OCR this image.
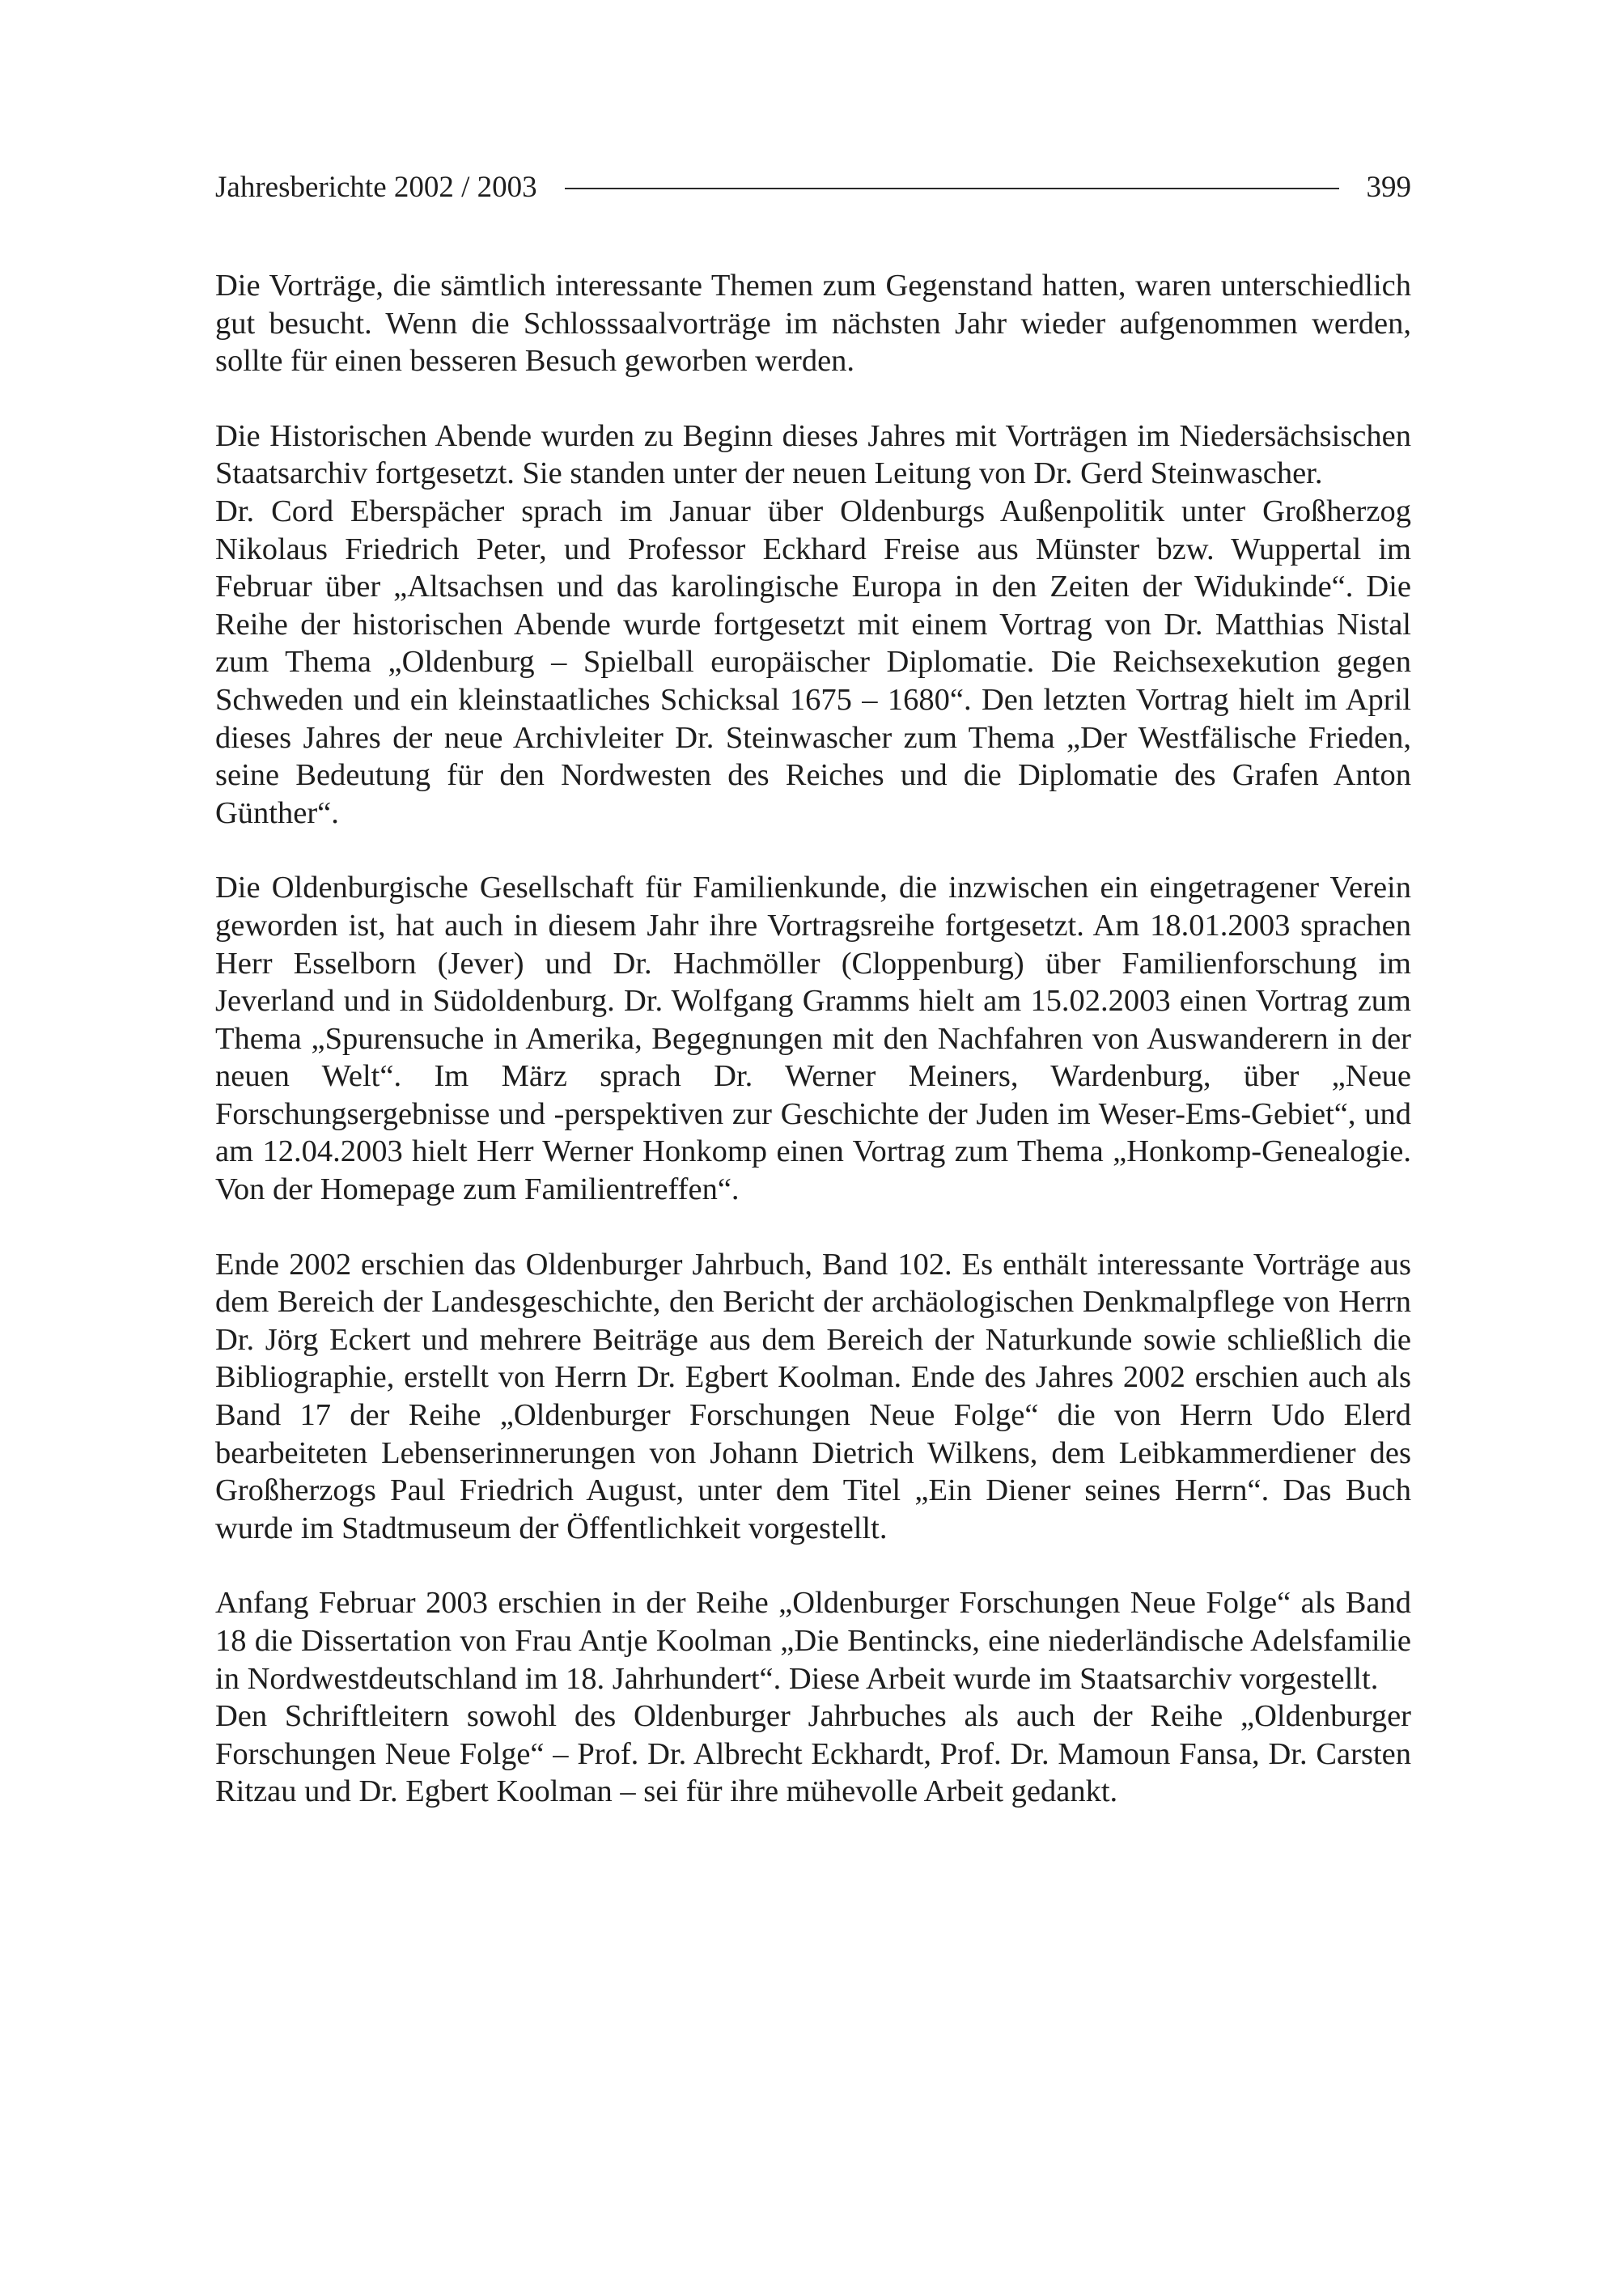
Jahresberichte 2002 / 2003	399

Die Vorträge, die sämtlich interessante Themen zum Gegenstand hatten, waren unterschiedlich gut besucht. Wenn die Schlosssaalvorträge im nächsten Jahr wieder aufgenommen werden, sollte für einen besseren Besuch geworben werden.

Die Historischen Abende wurden zu Beginn dieses Jahres mit Vorträgen im Niedersächsischen Staatsarchiv fortgesetzt. Sie standen unter der neuen Leitung von Dr. Gerd Steinwascher.

Dr. Cord Eberspächer sprach im Januar über Oldenburgs Außenpolitik unter Großherzog Nikolaus Friedrich Peter, und Professor Eckhard Freise aus Münster bzw. Wuppertal im Februar über „Altsachsen und das karolingische Europa in den Zeiten der Widukinde“. Die Reihe der historischen Abende wurde fortgesetzt mit einem Vortrag von Dr. Matthias Nistal zum Thema „Oldenburg – Spielball europäischer Diplomatie. Die Reichsexekution gegen Schweden und ein kleinstaatliches Schicksal 1675 – 1680“. Den letzten Vortrag hielt im April dieses Jahres der neue Archivleiter Dr. Steinwascher zum Thema „Der Westfälische Frieden, seine Bedeutung für den Nordwesten des Reiches und die Diplomatie des Grafen Anton Günther“.

Die Oldenburgische Gesellschaft für Familienkunde, die inzwischen ein eingetragener Verein geworden ist, hat auch in diesem Jahr ihre Vortragsreihe fortgesetzt. Am 18.01.2003 sprachen Herr Esselborn (Jever) und Dr. Hachmöller (Cloppenburg) über Familienforschung im Jeverland und in Südoldenburg. Dr. Wolfgang Gramms hielt am 15.02.2003 einen Vortrag zum Thema „Spurensuche in Amerika, Begegnungen mit den Nachfahren von Auswanderern in der neuen Welt“. Im März sprach Dr. Werner Meiners, Wardenburg, über „Neue Forschungsergebnisse und -perspektiven zur Geschichte der Juden im Weser-Ems-Gebiet“, und am 12.04.2003 hielt Herr Werner Honkomp einen Vortrag zum Thema „Honkomp-Genealogie. Von der Homepage zum Familientreffen“.

Ende 2002 erschien das Oldenburger Jahrbuch, Band 102. Es enthält interessante Vorträge aus dem Bereich der Landesgeschichte, den Bericht der archäologischen Denkmalpflege von Herrn Dr. Jörg Eckert und mehrere Beiträge aus dem Bereich der Naturkunde sowie schließlich die Bibliographie, erstellt von Herrn Dr. Egbert Koolman. Ende des Jahres 2002 erschien auch als Band 17 der Reihe „Oldenburger Forschungen Neue Folge“ die von Herrn Udo Elerd bearbeiteten Lebenserinnerungen von Johann Dietrich Wilkens, dem Leibkammerdiener des Großherzogs Paul Friedrich August, unter dem Titel „Ein Diener seines Herrn“. Das Buch wurde im Stadtmuseum der Öffentlichkeit vorgestellt.

Anfang Februar 2003 erschien in der Reihe „Oldenburger Forschungen Neue Folge“ als Band 18 die Dissertation von Frau Antje Koolman „Die Bentincks, eine niederländische Adelsfamilie in Nordwestdeutschland im 18. Jahrhundert“. Diese Arbeit wurde im Staatsarchiv vorgestellt.

Den Schriftleitern sowohl des Oldenburger Jahrbuches als auch der Reihe „Oldenburger Forschungen Neue Folge“ – Prof. Dr. Albrecht Eckhardt, Prof. Dr. Mamoun Fansa, Dr. Carsten Ritzau und Dr. Egbert Koolman – sei für ihre mühevolle Arbeit gedankt.
